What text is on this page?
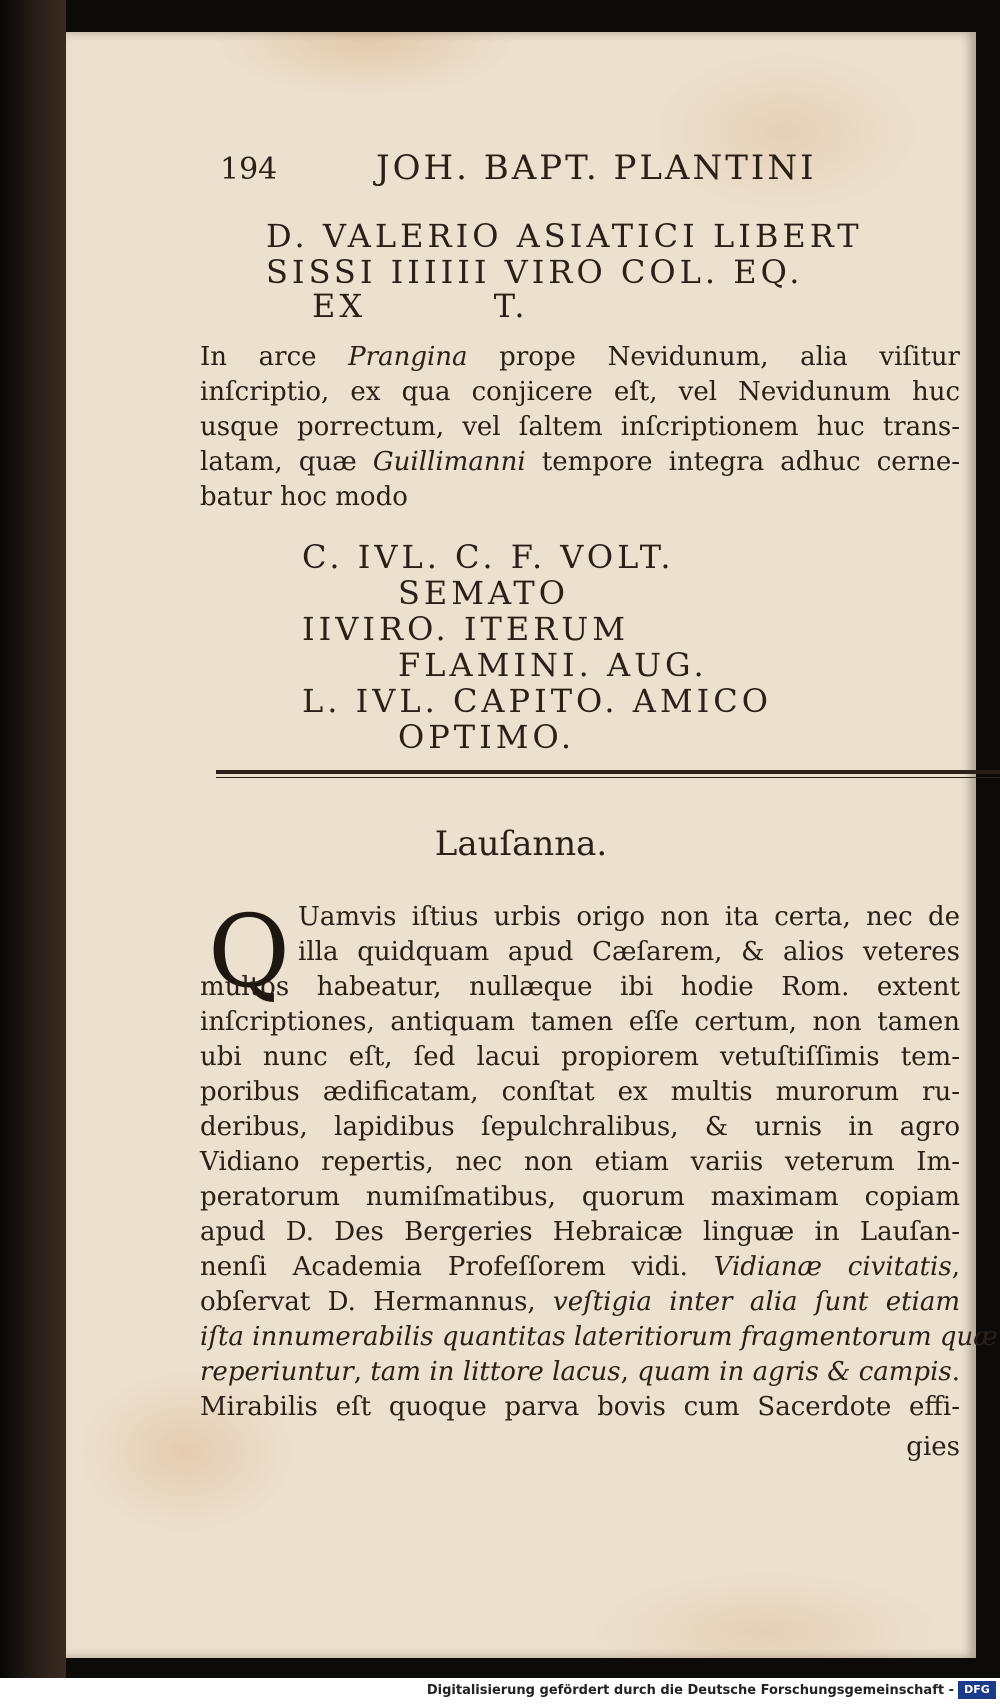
194	JOH. BAPT. PLANTINI
D. VALERIO ASIATICI LIBERT
SISSI IIIIII VIRO COL. EQ.
EX         T.
In arce Prangina prope Nevidunum, alia viſitur
inſcriptio, ex qua conjicere eſt, vel Nevidunum huc
usque porrectum, vel ſaltem inſcriptionem huc trans-
latam, quæ Guillimanni tempore integra adhuc cerne-
batur hoc modo
C. IVL. C. F. VOLT.
SEMATO
IIVIRO. ITERUM
FLAMINI. AUG.
L. IVL. CAPITO. AMICO
OPTIMO.
Lauſanna.
Q Uamvis iſtius urbis origo non ita certa, nec de
illa quidquam apud Cæſarem, & alios veteres
multos habeatur, nullæque ibi hodie Rom. extent
inſcriptiones, antiquam tamen eſſe certum, non tamen
ubi nunc eſt, ſed lacui propiorem vetuſtiſſimis tem-
poribus ædificatam, conſtat ex multis murorum ru-
deribus, lapidibus ſepulchralibus, & urnis in agro
Vidiano repertis, nec non etiam variis veterum Im-
peratorum numiſmatibus, quorum maximam copiam
apud D. Des Bergeries Hebraicæ linguæ in Lauſan-
nenſi Academia Profeſſorem vidi. Vidianæ civitatis,
obſervat D. Hermannus, veſtigia inter alia ſunt etiam
iſta innumerabilis quantitas lateritiorum fragmentorum quæ
reperiuntur, tam in littore lacus, quam in agris & campis.
Mirabilis eſt quoque parva bovis cum Sacerdote effi-
gies
Digitalisierung gefördert durch die Deutsche Forschungsgemeinschaft - DFG
